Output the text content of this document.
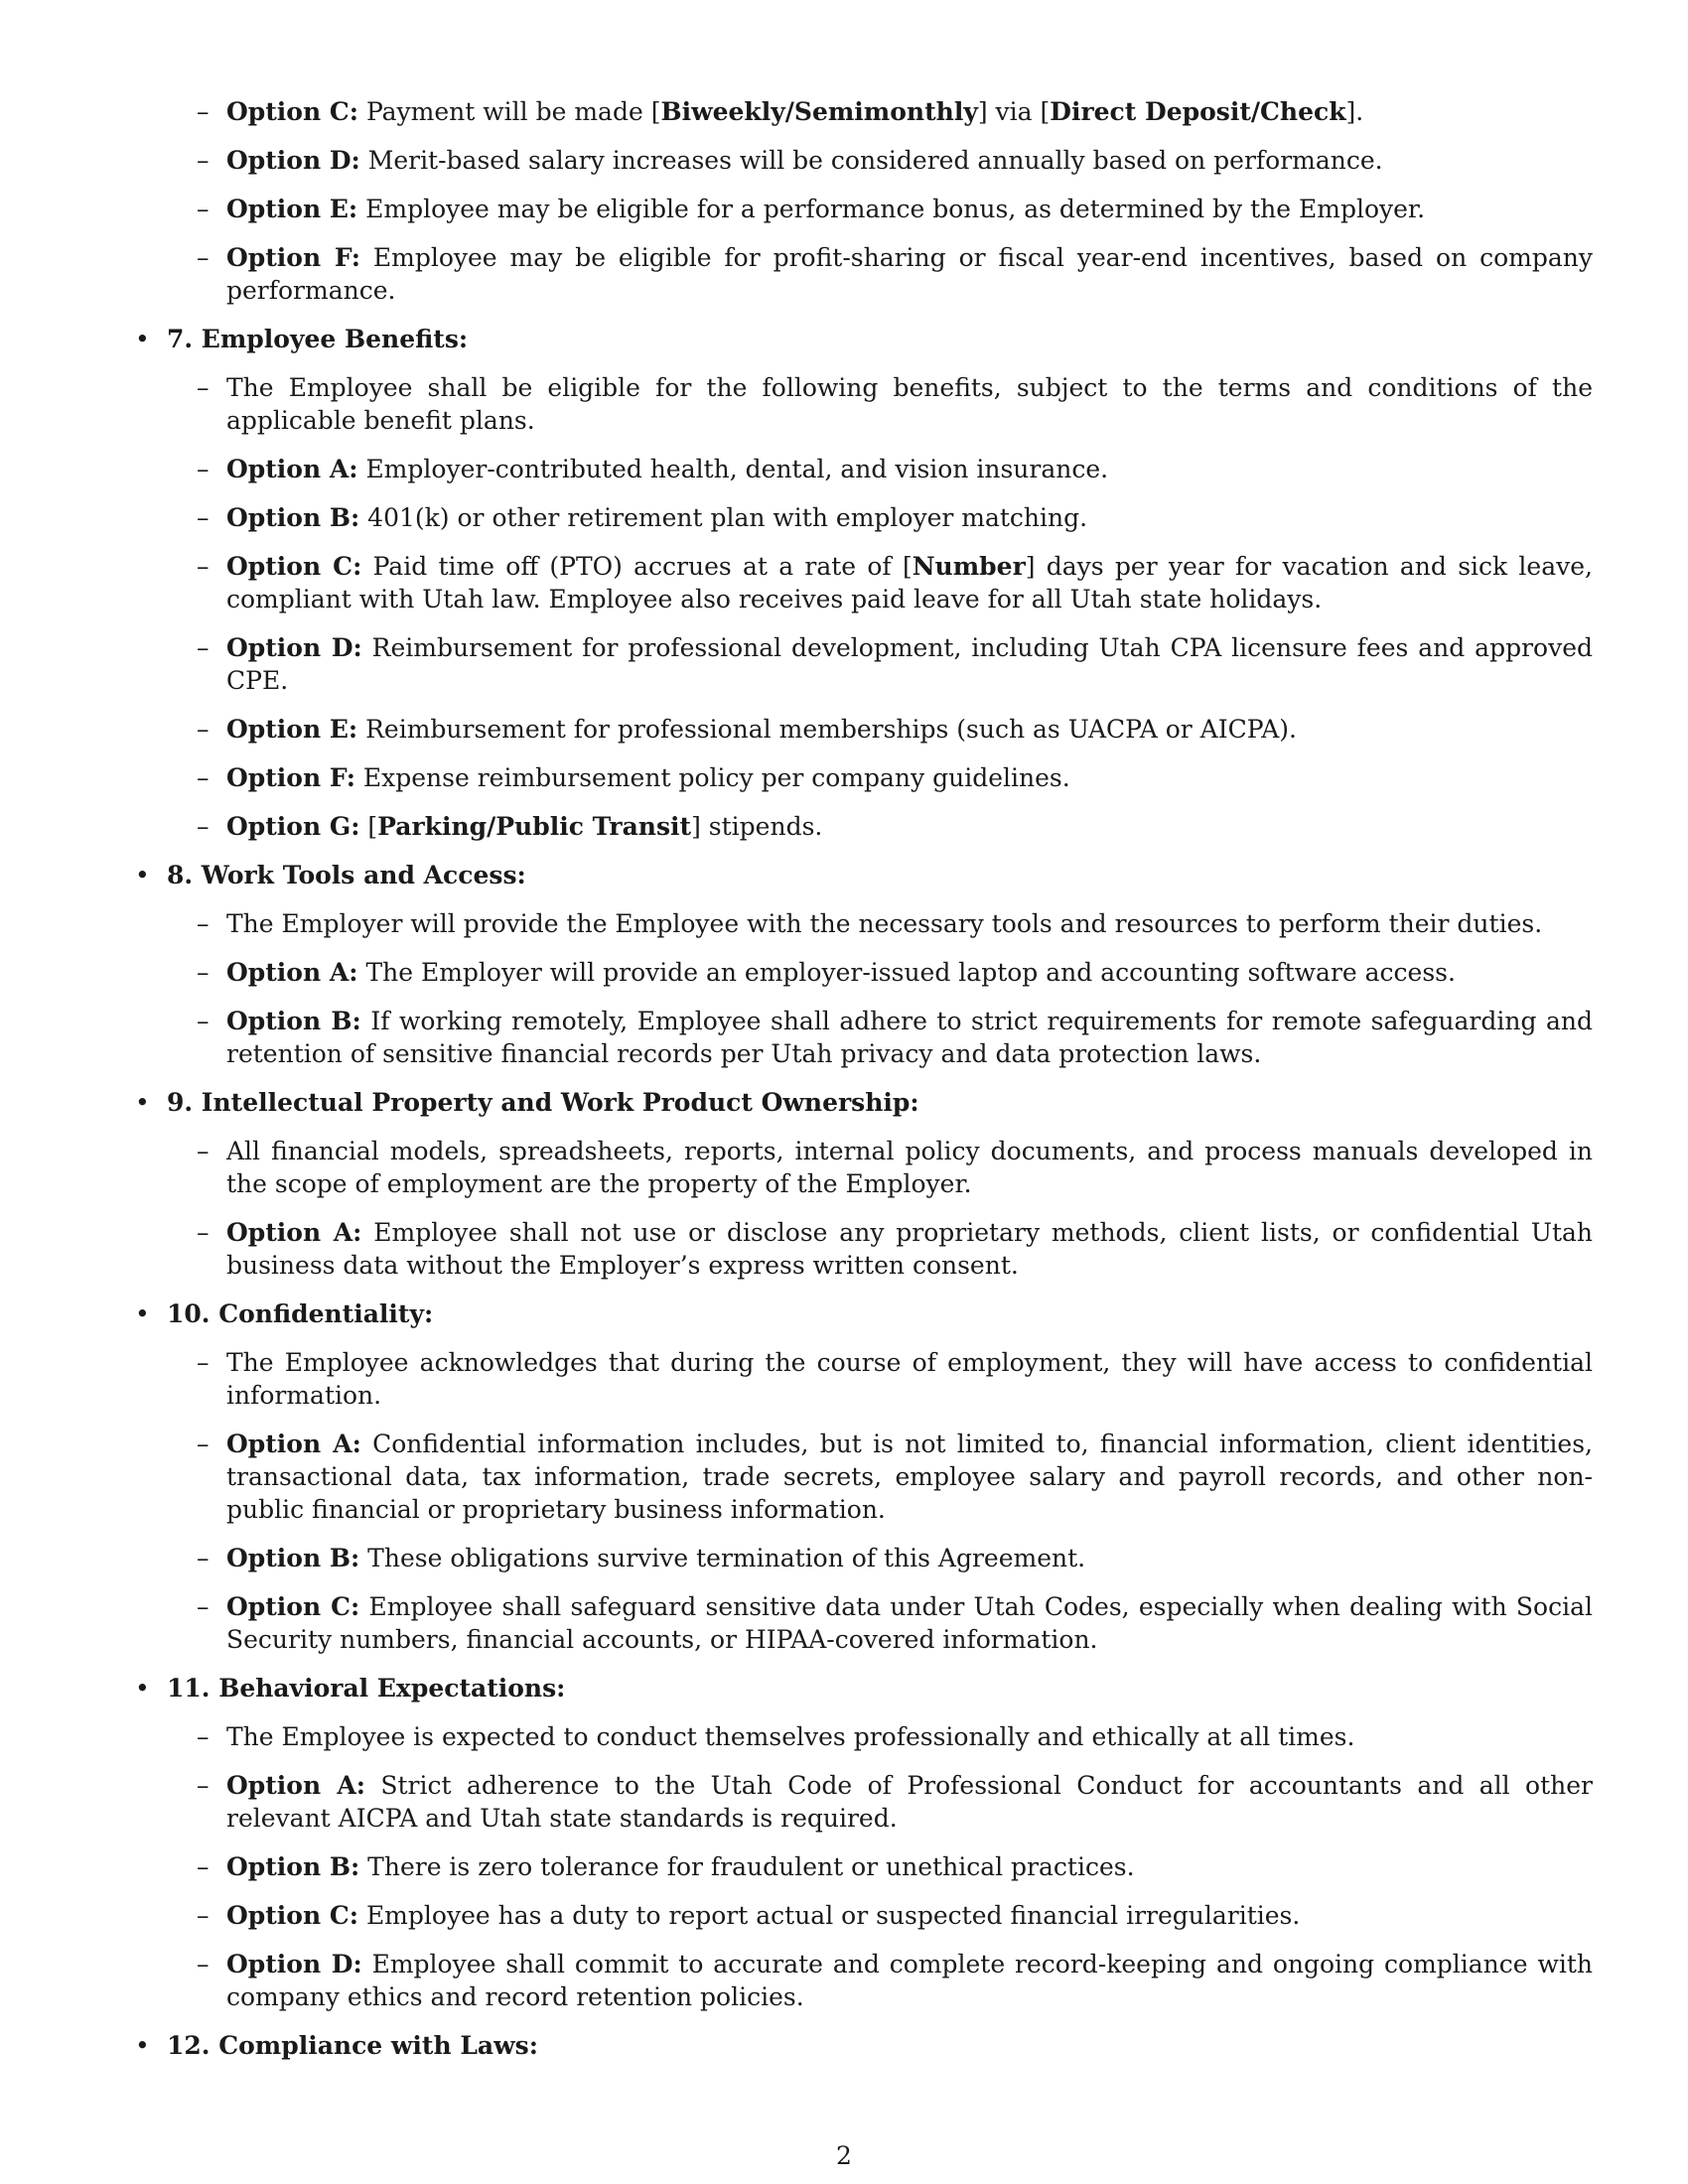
– Option C: Payment will be made [Biweekly/Semimonthly] via [Direct Deposit/Check].
– Option D: Merit-based salary increases will be considered annually based on performance.
– Option E: Employee may be eligible for a performance bonus, as determined by the Employer.
– Option F: Employee may be eligible for profit-sharing or fiscal year-end incentives, based on company performance.
• 7. Employee Benefits:
– The Employee shall be eligible for the following benefits, subject to the terms and conditions of the applicable benefit plans.
– Option A: Employer-contributed health, dental, and vision insurance.
– Option B: 401(k) or other retirement plan with employer matching.
– Option C: Paid time off (PTO) accrues at a rate of [Number] days per year for vacation and sick leave, compliant with Utah law. Employee also receives paid leave for all Utah state holidays.
– Option D: Reimbursement for professional development, including Utah CPA licensure fees and approved CPE.
– Option E: Reimbursement for professional memberships (such as UACPA or AICPA).
– Option F: Expense reimbursement policy per company guidelines.
– Option G: [Parking/Public Transit] stipends.
• 8. Work Tools and Access:
– The Employer will provide the Employee with the necessary tools and resources to perform their duties.
– Option A: The Employer will provide an employer-issued laptop and accounting software access.
– Option B: If working remotely, Employee shall adhere to strict requirements for remote safeguarding and retention of sensitive financial records per Utah privacy and data protection laws.
• 9. Intellectual Property and Work Product Ownership:
– All financial models, spreadsheets, reports, internal policy documents, and process manuals developed in the scope of employment are the property of the Employer.
– Option A: Employee shall not use or disclose any proprietary methods, client lists, or confidential Utah business data without the Employer’s express written consent.
• 10. Confidentiality:
– The Employee acknowledges that during the course of employment, they will have access to confidential information.
– Option A: Confidential information includes, but is not limited to, financial information, client identities, transactional data, tax information, trade secrets, employee salary and payroll records, and other non-public financial or proprietary business information.
– Option B: These obligations survive termination of this Agreement.
– Option C: Employee shall safeguard sensitive data under Utah Codes, especially when dealing with Social Security numbers, financial accounts, or HIPAA-covered information.
• 11. Behavioral Expectations:
– The Employee is expected to conduct themselves professionally and ethically at all times.
– Option A: Strict adherence to the Utah Code of Professional Conduct for accountants and all other relevant AICPA and Utah state standards is required.
– Option B: There is zero tolerance for fraudulent or unethical practices.
– Option C: Employee has a duty to report actual or suspected financial irregularities.
– Option D: Employee shall commit to accurate and complete record-keeping and ongoing compliance with company ethics and record retention policies.
• 12. Compliance with Laws:
2
